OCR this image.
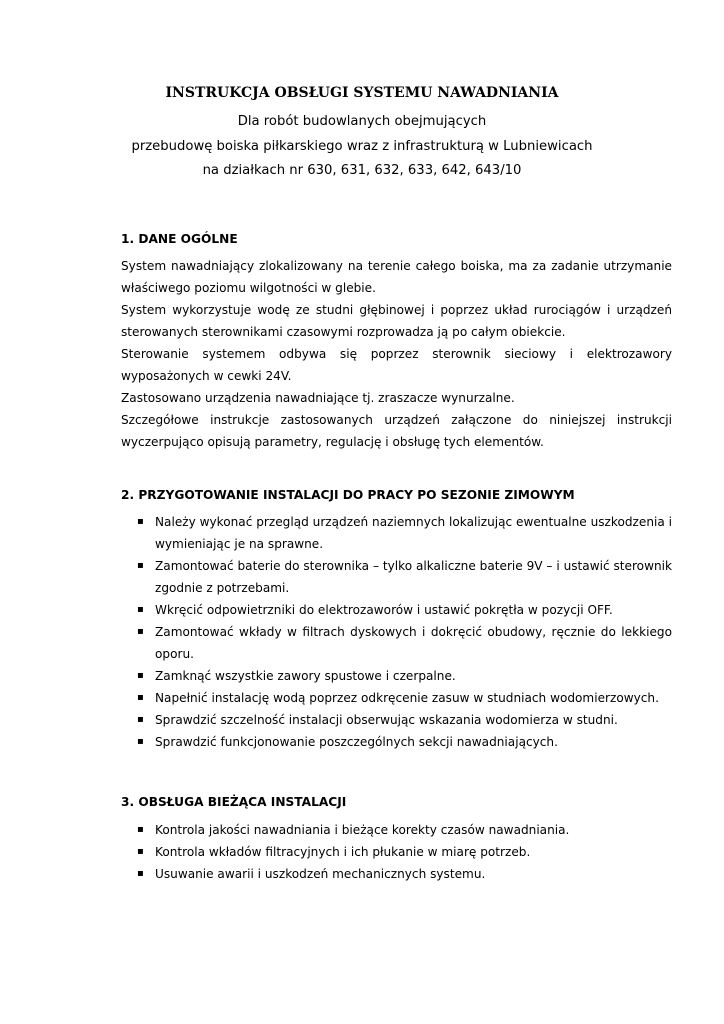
INSTRUKCJA OBSŁUGI SYSTEMU NAWADNIANIA
Dla robót budowlanych obejmujących
przebudowę boiska piłkarskiego wraz z infrastrukturą w Lubniewicach
na działkach nr 630, 631, 632, 633, 642, 643/10
1. DANE OGÓLNE

System nawadniający zlokalizowany na terenie całego boiska, ma za zadanie utrzymanie właściwego poziomu wilgotności w glebie.

System wykorzystuje wodę ze studni głębinowej i poprzez układ rurociągów i urządzeń sterowanych sterownikami czasowymi rozprowadza ją po całym obiekcie.

Sterowanie systemem odbywa się poprzez sterownik sieciowy i elektrozawory wyposażonych w cewki 24V.

Zastosowano urządzenia nawadniające tj. zraszacze wynurzalne.

Szczegółowe instrukcje zastosowanych urządzeń załączone do niniejszej instrukcji wyczerpująco opisują parametry, regulację i obsługę tych elementów.

2. PRZYGOTOWANIE INSTALACJI DO PRACY PO SEZONIE ZIMOWYM
▪ Należy wykonać przegląd urządzeń naziemnych lokalizując ewentualne uszkodzenia i wymieniając je na sprawne.
▪ Zamontować baterie do sterownika – tylko alkaliczne baterie 9V – i ustawić sterownik zgodnie z potrzebami.
▪ Wkręcić odpowietrzniki do elektrozaworów i ustawić pokrętła w pozycji OFF.
▪ Zamontować wkłady w filtrach dyskowych i dokręcić obudowy, ręcznie do lekkiego oporu.
▪ Zamknąć wszystkie zawory spustowe i czerpalne.
▪ Napełnić instalację wodą poprzez odkręcenie zasuw w studniach wodomierzowych.
▪ Sprawdzić szczelność instalacji obserwując wskazania wodomierza w studni.
▪ Sprawdzić funkcjonowanie poszczególnych sekcji nawadniających.
3. OBSŁUGA BIEŻĄCA INSTALACJI
▪ Kontrola jakości nawadniania i bieżące korekty czasów nawadniania.
▪ Kontrola wkładów filtracyjnych i ich płukanie w miarę potrzeb.
▪ Usuwanie awarii i uszkodzeń mechanicznych systemu.
